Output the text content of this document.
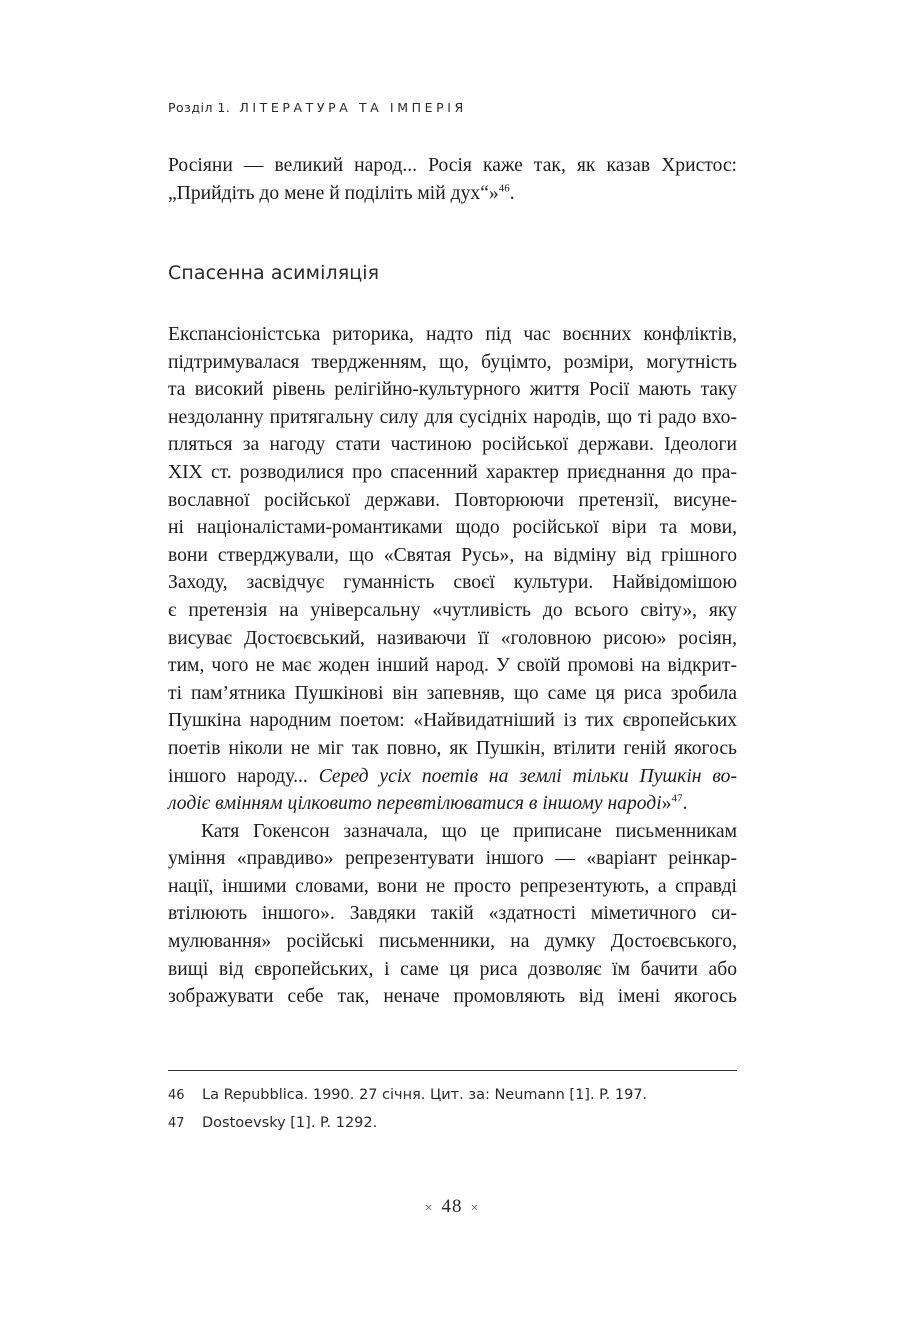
Розділ 1. ЛІТЕРАТУРА ТА ІМПЕРІЯ
Росіяни — великий народ... Росія каже так, як казав Христос:
„Прийдіть до мене й поділіть мій дух“»$^{46}$.
Спасенна асиміляція
Експансіоністська риторика, надто під час воєнних конфліктів,
підтримувалася твердженням, що, буцімто, розміри, могутність
та високий рівень релігійно-культурного життя Росії мають таку
нездоланну притягальну силу для сусідніх народів, що ті радо вхо-
пляться за нагоду стати частиною російської держави. Ідеологи
XIX ст. розводилися про спасенний характер приєднання до пра-
вославної російської держави. Повторюючи претензії, висуне-
ні націоналістами-романтиками щодо російської віри та мови,
вони стверджували, що «Святая Русь», на відміну від грішного
Заходу, засвідчує гуманність своєї культури. Найвідомішою
є претензія на універсальну «чутливість до всього світу», яку
висуває Достоєвський, називаючи її «головною рисою» росіян,
тим, чого не має жоден інший народ. У своїй промові на відкрит-
ті пам’ятника Пушкінові він запевняв, що саме ця риса зробила
Пушкіна народним поетом: «Найвидатніший із тих європейських
поетів ніколи не міг так повно, як Пушкін, втілити геній якогось
іншого народу... Серед усіх поетів на землі тільки Пушкін во-
лодіє вмінням цілковито перевтілюватися в іншому народі»$^{47}$.
Катя Гокенсон зазначала, що це приписане письменникам
уміння «правдиво» репрезентувати іншого — «варіант реінкар-
нації, іншими словами, вони не просто репрезентують, а справді
втілюють іншого». Завдяки такій «здатності міметичного си-
мулювання» російські письменники, на думку Достоєвського,
вищі від європейських, і саме ця риса дозволяє їм бачити або
зображувати себе так, неначе промовляють від імені якогось
46 La Repubblica. 1990. 27 січня. Цит. за: Neumann [1]. P. 197.
47 Dostoevsky [1]. P. 1292.
× 48 ×
